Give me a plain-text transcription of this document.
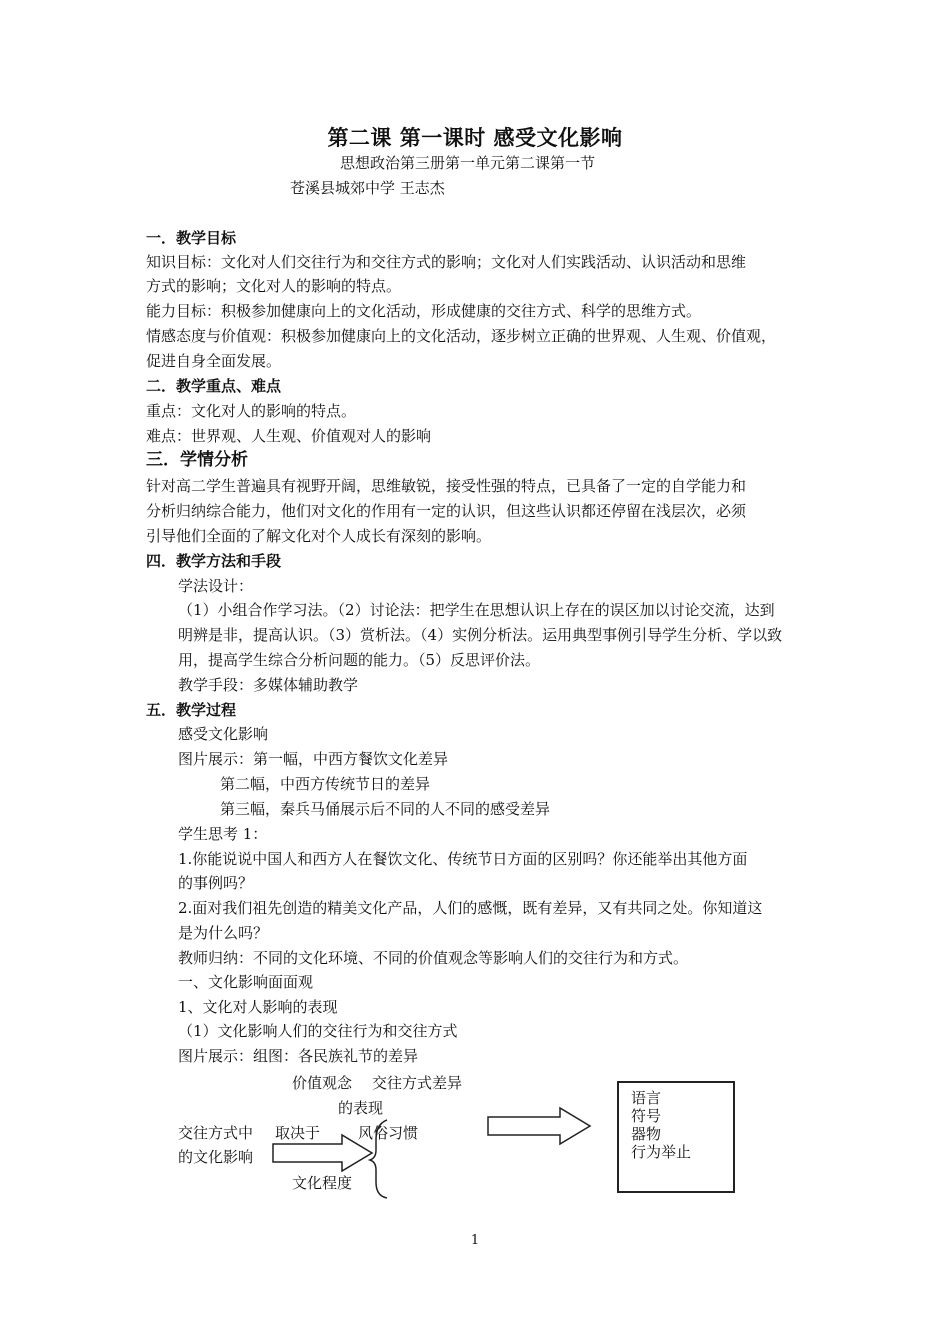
第二课 第一课时 感受文化影响
思想政治第三册第一单元第二课第一节
苍溪县城郊中学 王志杰
一．教学目标
知识目标：文化对人们交往行为和交往方式的影响；文化对人们实践活动、认识活动和思维
方式的影响；文化对人的影响的特点。
能力目标：积极参加健康向上的文化活动，形成健康的交往方式、科学的思维方式。
情感态度与价值观：积极参加健康向上的文化活动，逐步树立正确的世界观、人生观、价值观，
促进自身全面发展。
二．教学重点、难点
重点：文化对人的影响的特点。
难点：世界观、人生观、价值观对人的影响
三．学情分析
针对高二学生普遍具有视野开阔，思维敏锐，接受性强的特点，已具备了一定的自学能力和
分析归纳综合能力，他们对文化的作用有一定的认识，但这些认识都还停留在浅层次，必须
引导他们全面的了解文化对个人成长有深刻的影响。
四．教学方法和手段
学法设计：
（1）小组合作学习法。（2）讨论法：把学生在思想认识上存在的误区加以讨论交流，达到
明辨是非，提高认识。（3）赏析法。（4）实例分析法。运用典型事例引导学生分析、学以致
用，提高学生综合分析问题的能力。（5）反思评价法。
教学手段：多媒体辅助教学
五．教学过程
感受文化影响
图片展示：第一幅，中西方餐饮文化差异
第二幅，中西方传统节日的差异
第三幅，秦兵马俑展示后不同的人不同的感受差异
学生思考 1：
1.你能说说中国人和西方人在餐饮文化、传统节日方面的区别吗？你还能举出其他方面
的事例吗？
2.面对我们祖先创造的精美文化产品，人们的感慨，既有差异，又有共同之处。你知道这
是为什么吗？
教师归纳：不同的文化环境、不同的价值观念等影响人们的交往行为和方式。
一、文化影响面面观
1、文化对人影响的表现
（1）文化影响人们的交往行为和交往方式
图片展示：组图：各民族礼节的差异
价值观念 交往方式差异
的表现
交往方式中 取决于	风俗习惯
的文化影响
文化程度
语言
符号
器物
行为举止
1
